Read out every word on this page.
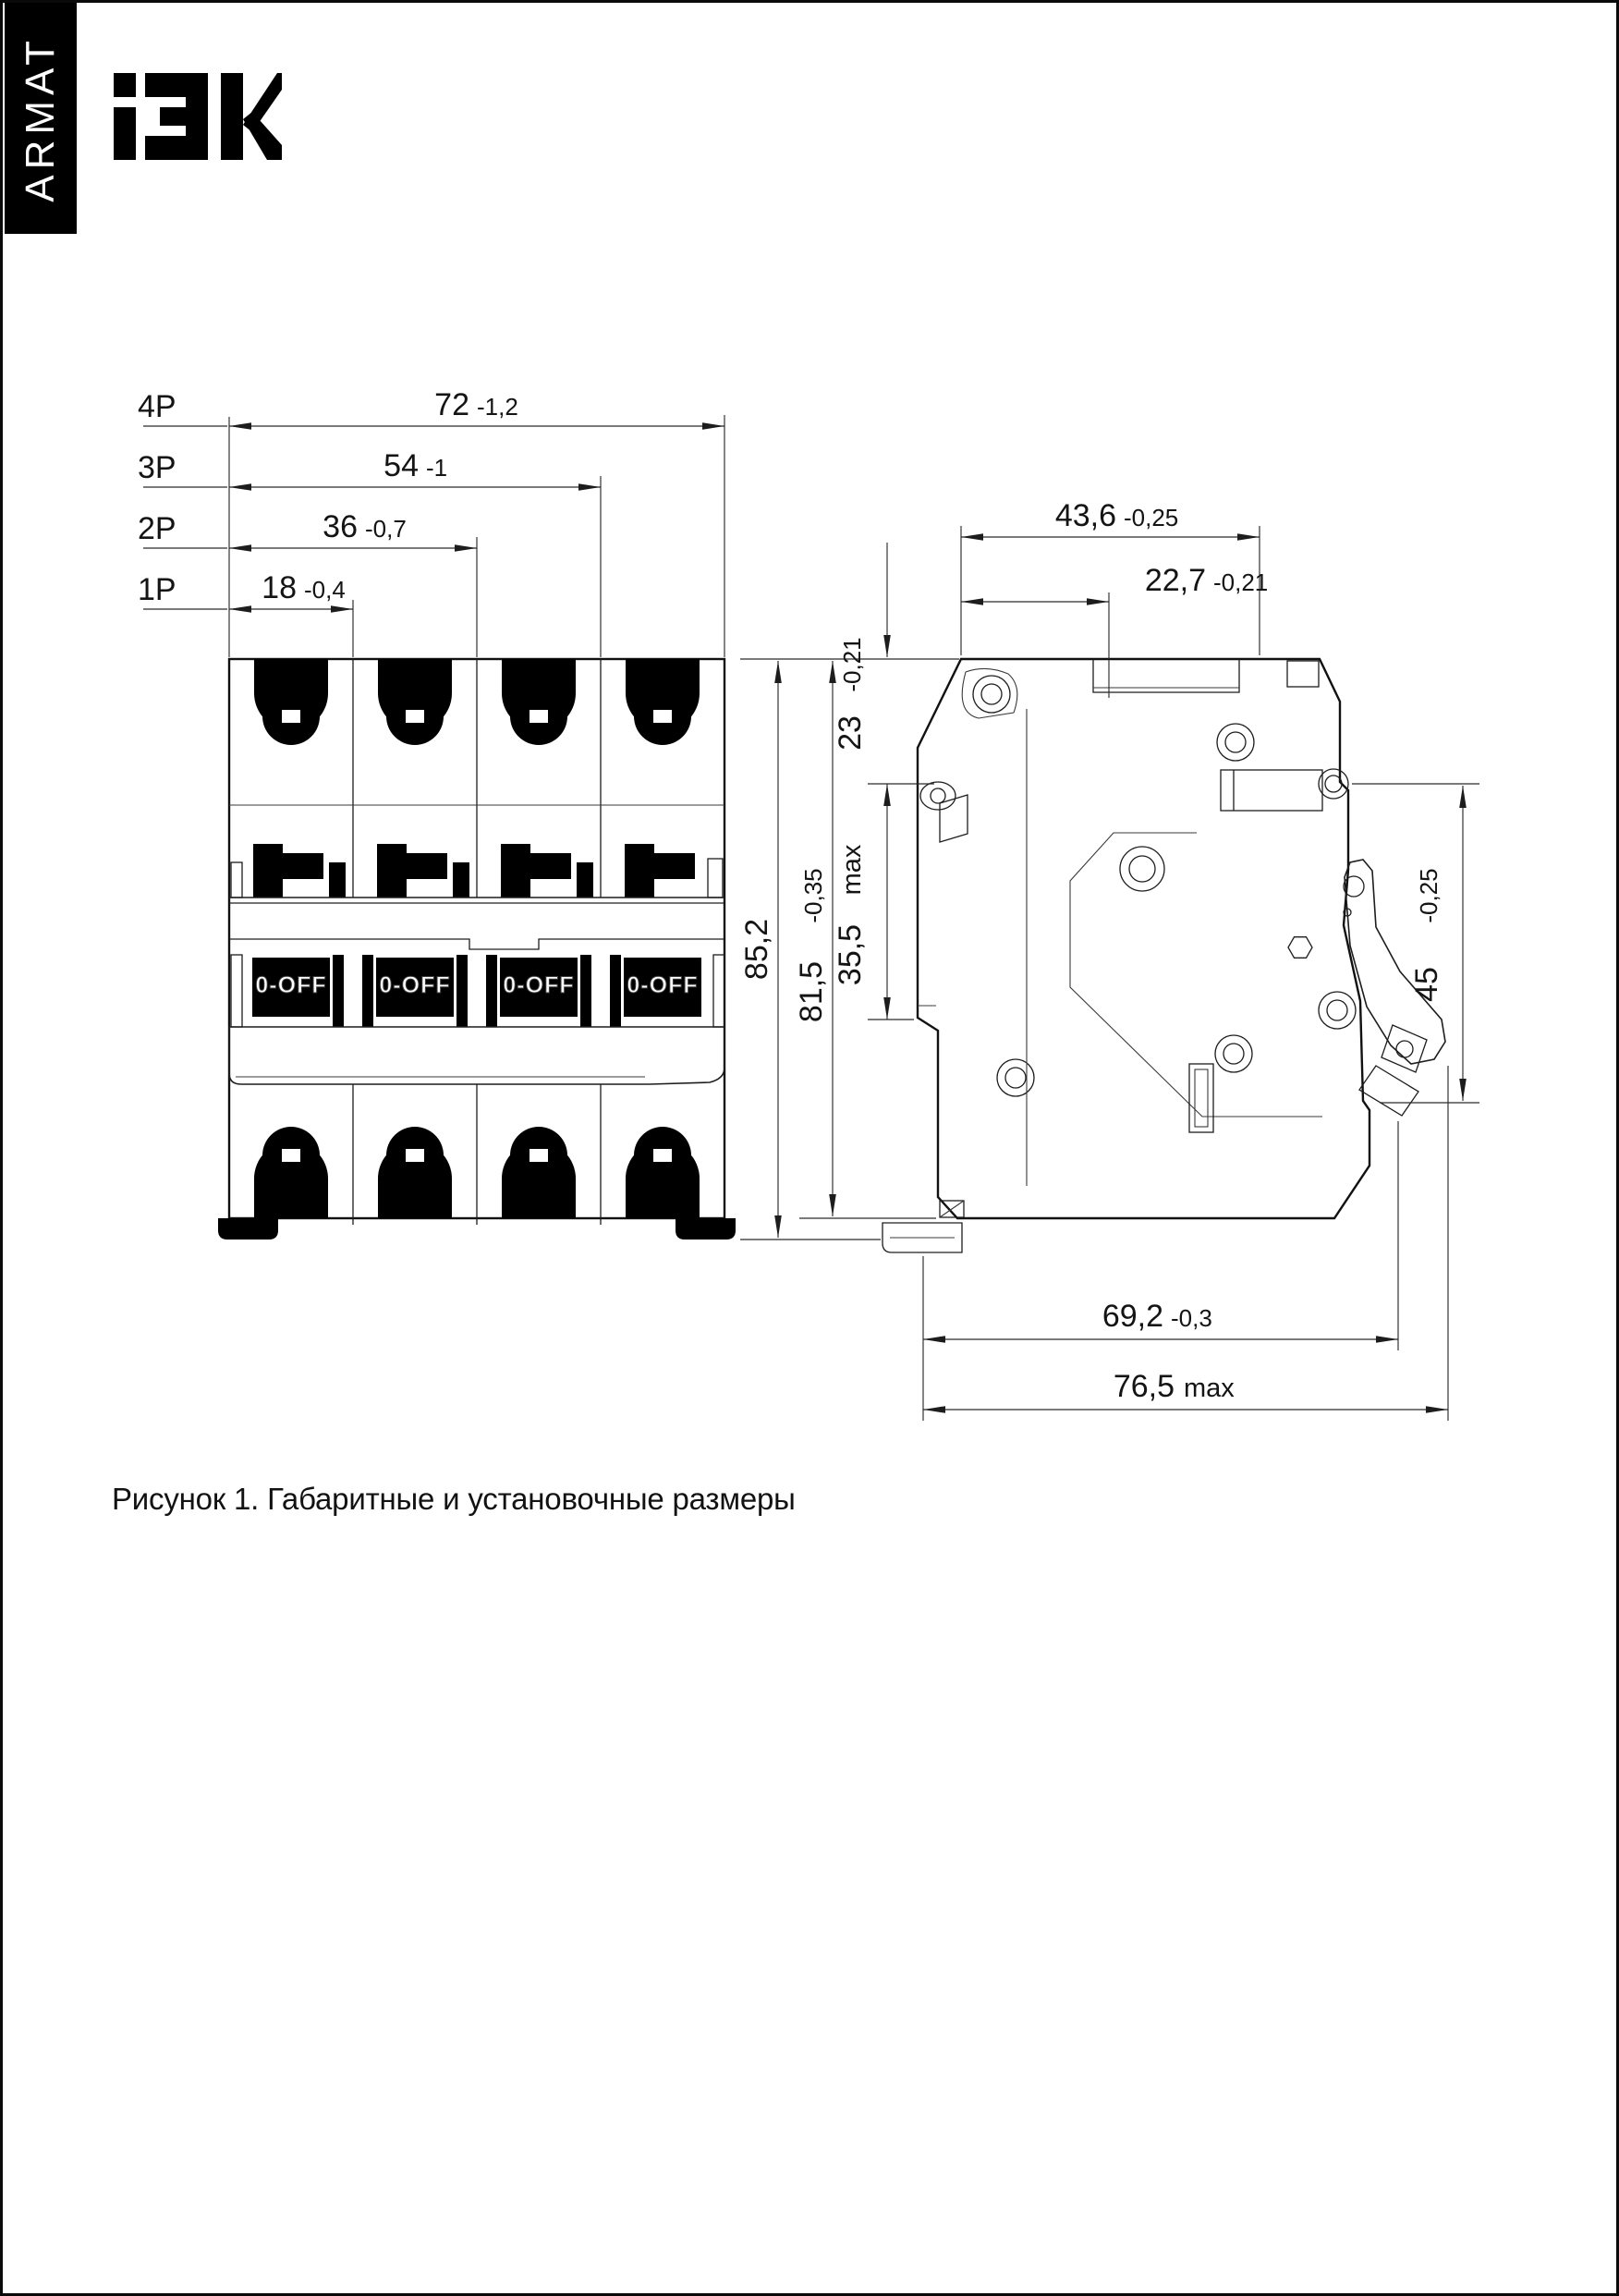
ARMAT
0-OFF 0-OFF 0-OFF 0-OFF
4P	72 -1,2
3P	54 -1
2P	36 -0,7
1P	18 -0,4
85,2
81,5
-0,35
43,6 -0,25
22,7 -0,21
23
-0,21
35,5
max
45
-0,25
69,2 -0,3
76,5 max
Рисунок 1. Габаритные и установочные размеры
